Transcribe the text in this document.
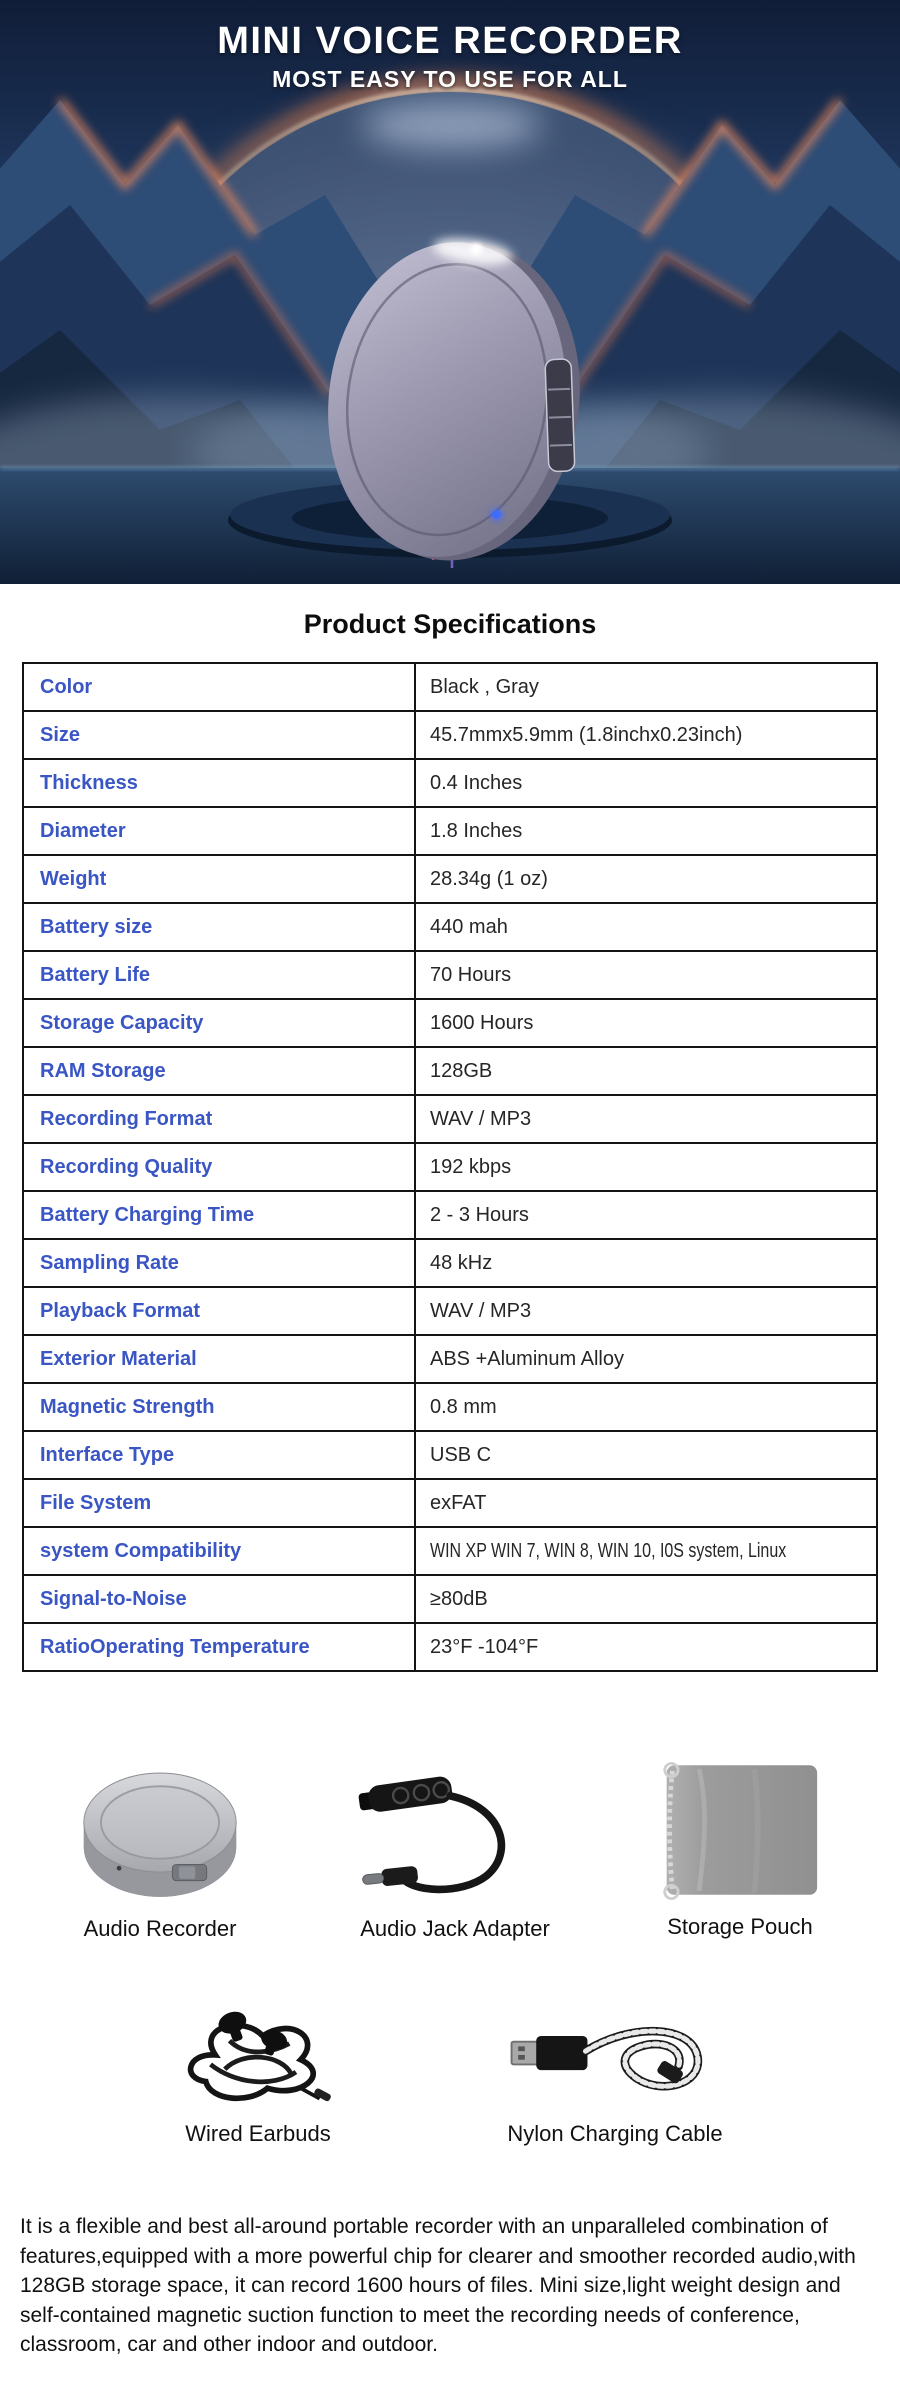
MINI VOICE RECORDER
MOST EASY TO USE FOR ALL
Product Specifications
Color	Black , Gray
Size	45.7mmx5.9mm (1.8inchx0.23inch)
Thickness	0.4 Inches
Diameter	1.8 Inches
Weight	28.34g (1 oz)
Battery size	440 mah
Battery Life	70 Hours
Storage Capacity	1600 Hours
RAM Storage	128GB
Recording Format	WAV / MP3
Recording Quality	192 kbps
Battery Charging Time	2 - 3 Hours
Sampling Rate	48 kHz
Playback Format	WAV / MP3
Exterior Material	ABS +Aluminum Alloy
Magnetic Strength	0.8 mm
Interface Type	USB C
File System	exFAT
system Compatibility	WIN XP WIN 7, WIN 8, WIN 10, I0S system, Linux
Signal-to-Noise	≥80dB
RatioOperating Temperature	23°F -104°F
Audio Recorder	Audio Jack Adapter	Storage Pouch
Wired Earbuds	Nylon Charging Cable
It is a flexible and best all-around portable recorder with an unparalleled combination of features,equipped with a more powerful chip for clearer and smoother recorded audio,with 128GB storage space, it can record 1600 hours of files. Mini size,light weight design and self-contained magnetic suction function to meet the recording needs of conference, classroom, car and other indoor and outdoor.
